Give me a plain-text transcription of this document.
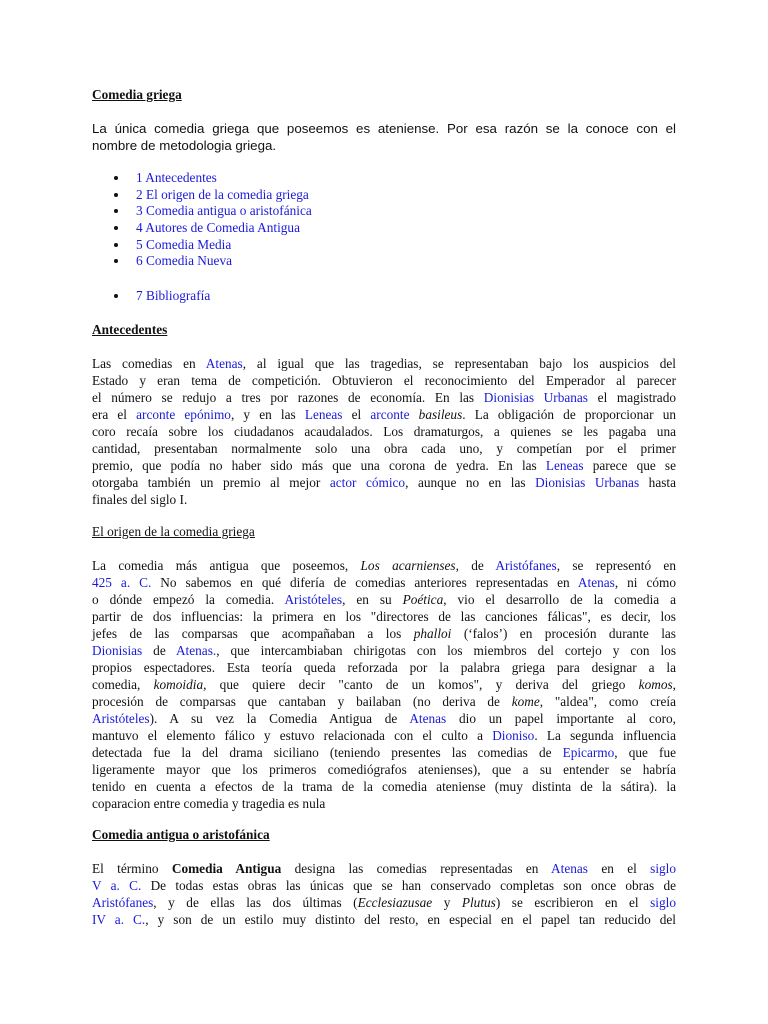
Comedia griega
La única comedia griega que poseemos es ateniense. Por esa razón se la conoce con el
nombre de metodologia griega.
1 Antecedentes
2 El origen de la comedia griega
3 Comedia antigua o aristofánica
4 Autores de Comedia Antigua
5 Comedia Media
6 Comedia Nueva
7 Bibliografía
Antecedentes
Las comedias en Atenas, al igual que las tragedias, se representaban bajo los auspicios del
Estado y eran tema de competición. Obtuvieron el reconocimiento del Emperador al parecer
el número se redujo a tres por razones de economía. En las Dionisias Urbanas el magistrado
era el arconte epónimo, y en las Leneas el arconte basileus. La obligación de proporcionar un
coro recaía sobre los ciudadanos acaudalados. Los dramaturgos, a quienes se les pagaba una
cantidad, presentaban normalmente solo una obra cada uno, y competían por el primer
premio, que podía no haber sido más que una corona de yedra. En las Leneas parece que se
otorgaba también un premio al mejor actor cómico, aunque no en las Dionisias Urbanas hasta
finales del siglo I.
El origen de la comedia griega
La comedia más antigua que poseemos, Los acarnienses, de Aristófanes, se representó en
425 a. C. No sabemos en qué difería de comedias anteriores representadas en Atenas, ni cómo
o dónde empezó la comedia. Aristóteles, en su Poética, vio el desarrollo de la comedia a
partir de dos influencias: la primera en los "directores de las canciones fálicas", es decir, los
jefes de las comparsas que acompañaban a los phalloi (‘falos’) en procesión durante las
Dionisias de Atenas., que intercambiaban chirigotas con los miembros del cortejo y con los
propios espectadores. Esta teoría queda reforzada por la palabra griega para designar a la
comedia, komoidia, que quiere decir "canto de un komos", y deriva del griego komos,
procesión de comparsas que cantaban y bailaban (no deriva de kome, "aldea", como creía
Aristóteles). A su vez la Comedia Antigua de Atenas dio un papel importante al coro,
mantuvo el elemento fálico y estuvo relacionada con el culto a Dioniso. La segunda influencia
detectada fue la del drama siciliano (teniendo presentes las comedias de Epicarmo, que fue
ligeramente mayor que los primeros comediógrafos atenienses), que a su entender se habría
tenido en cuenta a efectos de la trama de la comedia ateniense (muy distinta de la sátira). la
coparacion entre comedia y tragedia es nula
Comedia antigua o aristofánica
El término Comedia Antigua designa las comedias representadas en Atenas en el siglo
V a. C. De todas estas obras las únicas que se han conservado completas son once obras de
Aristófanes, y de ellas las dos últimas (Ecclesiazusae y Plutus) se escribieron en el siglo
IV a. C., y son de un estilo muy distinto del resto, en especial en el papel tan reducido del
